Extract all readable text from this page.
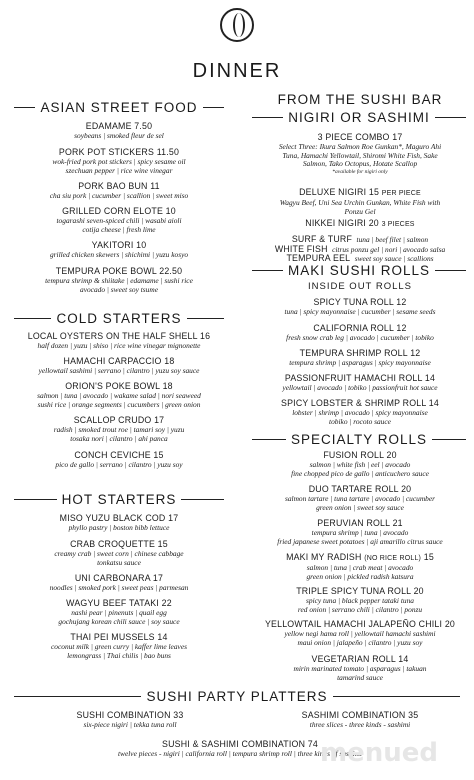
DINNER
ASIAN STREET FOOD
EDAMAME 7.50
soybeans | smoked fleur de sel
PORK POT STICKERS 11.50
wok-fried pork pot stickers | spicy sesame oil
szechuan pepper | rice wine vinegar
PORK BAO BUN 11
cha siu pork | cucumber | scallion | sweet miso
GRILLED CORN ELOTE 10
togarashi seven-spiced chili | wasabi aioli
cotija cheese | fresh lime
YAKITORI 10
grilled chicken skewers | shichimi | yuzu kosyo
TEMPURA POKE BOWL 22.50
tempura shrimp & shiitake | edamame | sushi rice
avocado | sweet soy tsume
COLD STARTERS
LOCAL OYSTERS ON THE HALF SHELL 16
half dozen | yuzu | shiso | rice wine vinegar mignonette
HAMACHI CARPACCIO 18
yellowtail sashimi | serrano | cilantro | yuzu soy sauce
ORION'S POKE BOWL 18
salmon | tuna | avocado | wakame salad | nori seaweed
sushi rice | orange segments | cucumbers | green onion
SCALLOP CRUDO 17
radish | smoked trout roe | tamari soy | yuzu
tosaka nori | cilantro | ahi panca
CONCH CEVICHE 15
pico de gallo | serrano | cilantro | yuzu soy
HOT STARTERS
MISO YUZU BLACK COD 17
phyllo pastry | boston bibb lettuce
CRAB CROQUETTE 15
creamy crab | sweet corn | chinese cabbage
tonkatsu sauce
UNI CARBONARA 17
noodles | smoked pork | sweet peas | parmesan
WAGYU BEEF TATAKI 22
nashi pear | pinenuts | quail egg
gochujang korean chili sauce | soy sauce
THAI PEI MUSSELS 14
coconut milk | green curry | kaffer lime leaves
lemongrass | Thai chilis | bao buns
FROM THE SUSHI BAR
NIGIRI OR SASHIMI
3 PIECE COMBO 17
Select Three: Ikura Salmon Roe Gunkan*, Maguro Ahi
Tuna, Hamachi Yellowtail, Shiromi White Fish, Sake
Salmon, Tako Octopus, Hotate Scallop
*available for nigiri only
DELUXE NIGIRI 15 PER PIECE
Wagyu Beef, Uni Sea Urchin Gunkan, White Fish with
Ponzu Gel
NIKKEI NIGIRI 20 3 PIECES
SURF & TURF tuna | beef filet | salmon
WHITE FISH citrus ponzu gel | nori | avocado salsa
TEMPURA EEL sweet soy sauce | scallions
MAKI SUSHI ROLLS
INSIDE OUT ROLLS
SPICY TUNA ROLL 12
tuna | spicy mayonnaise | cucumber | sesame seeds
CALIFORNIA ROLL 12
fresh snow crab leg | avocado | cucumber | tobiko
TEMPURA SHRIMP ROLL 12
tempura shrimp | asparagus | spicy mayonnaise
PASSIONFRUIT HAMACHI ROLL 14
yellowtail | avocado | tobiko | passionfruit hot sauce
SPICY LOBSTER & SHRIMP ROLL 14
lobster | shrimp | avocado | spicy mayonnaise
tobiko | rocoto sauce
SPECIALTY ROLLS
FUSION ROLL 20
salmon | white fish | eel | avocado
fine chopped pico de gallo | anticuchero sauce
DUO TARTARE ROLL 20
salmon tartare | tuna tartare | avocado | cucumber
green onion | sweet soy sauce
PERUVIAN ROLL 21
tempura shrimp | tuna | avocado
fried japanese sweet potatoes | aji amarillo citrus sauce
MAKI MY RADISH (NO RICE ROLL) 15
salmon | tuna | crab meat | avocado
green onion | pickled radish katsura
TRIPLE SPICY TUNA ROLL 20
spicy tuna | black pepper tataki tuna
red onion | serrano chili | cilantro | ponzu
YELLOWTAIL HAMACHI JALAPEÑO CHILI 20
yellow negi hama roll | yellowtail hamachi sashimi
maui onion | jalapeño | cilantro | yuzu soy
VEGETARIAN ROLL 14
mirin marinated tomato | asparagus | takuan
tamarind sauce
SUSHI PARTY PLATTERS
SUSHI COMBINATION 33
six-piece nigiri | tekka tuna roll
SASHIMI COMBINATION 35
three slices - three kinds - sashimi
SUSHI & SASHIMI COMBINATION 74
twelve pieces - nigiri | california roll | tempura shrimp roll | three kinds of sashimi
menued
